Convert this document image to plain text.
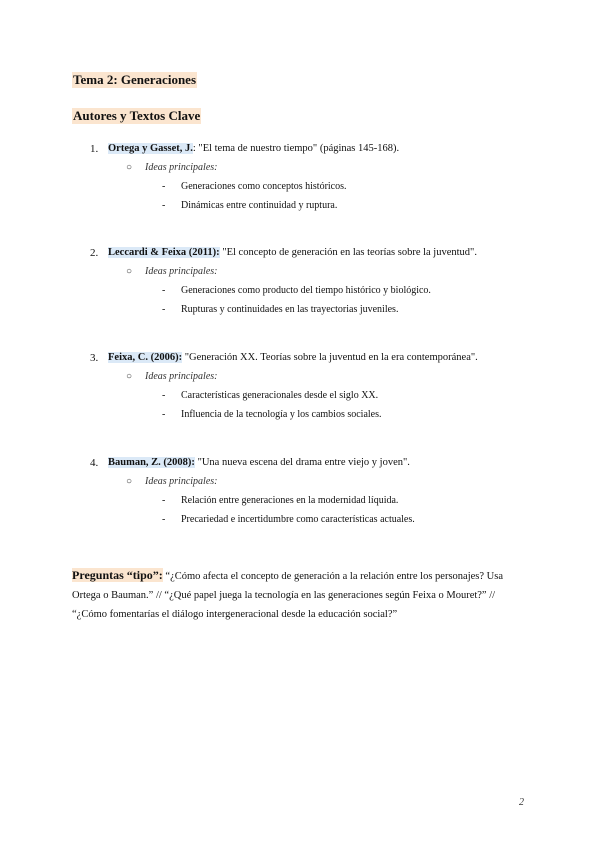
Tema 2: Generaciones
Autores y Textos Clave
1. Ortega y Gasset, J.: "El tema de nuestro tiempo" (páginas 145-168).
○ Ideas principales:
- Generaciones como conceptos históricos.
- Dinámicas entre continuidad y ruptura.
2. Leccardi & Feixa (2011): "El concepto de generación en las teorías sobre la juventud".
○ Ideas principales:
- Generaciones como producto del tiempo histórico y biológico.
- Rupturas y continuidades en las trayectorias juveniles.
3. Feixa, C. (2006): "Generación XX. Teorías sobre la juventud en la era contemporánea".
○ Ideas principales:
- Características generacionales desde el siglo XX.
- Influencia de la tecnología y los cambios sociales.
4. Bauman, Z. (2008): "Una nueva escena del drama entre viejo y joven".
○ Ideas principales:
- Relación entre generaciones en la modernidad líquida.
- Precariedad e incertidumbre como características actuales.
Preguntas “tipo”: “¿Cómo afecta el concepto de generación a la relación entre los personajes? Usa Ortega o Bauman.” // “¿Qué papel juega la tecnología en las generaciones según Feixa o Mouret?” // “¿Cómo fomentarías el diálogo intergeneracional desde la educación social?”
2
